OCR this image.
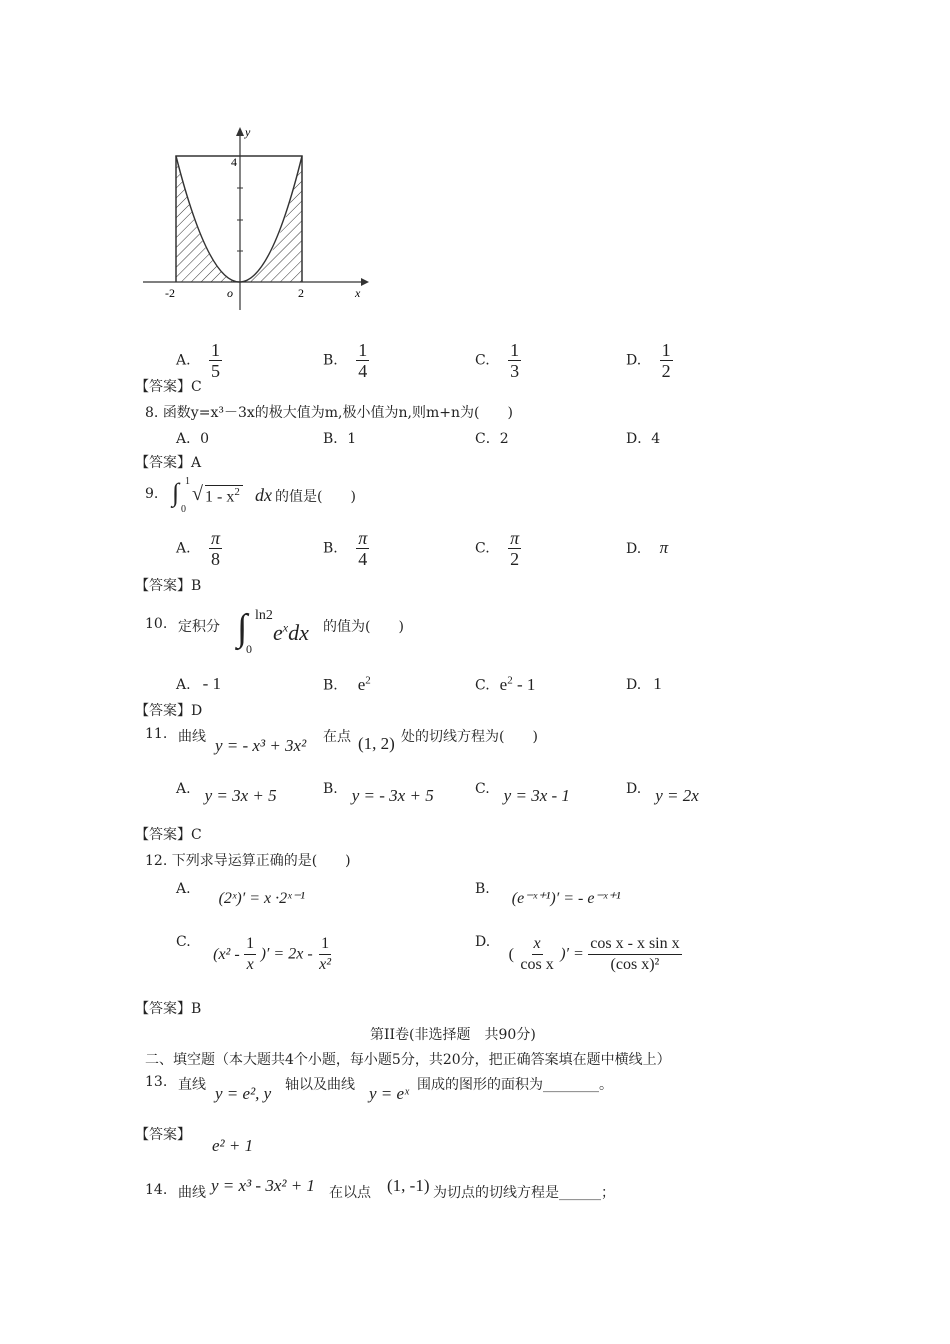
y
x
4
-2	o	2
A. $\frac{1}{5}$	B. $\frac{1}{4}$	C. $\frac{1}{3}$	D. $\frac{1}{2}$
【答案】C
8. 函数y=x³－3x的极大值为m,极小值为n,则m+n为(　　)
A．0	B．1	C．2	D．4
【答案】A
9. ∫ 1
0
√ $1 - x^2$ dx 的值是(　　)
A. $\frac{\pi}{8}$	B. $\frac{\pi}{4}$	C. $\frac{\pi}{2}$	D. π
【答案】B
10. 定积分 ∫ ln2
0
$e^xdx$ 的值为(　　)
A. - 1	B. $e^2$	C. $e^2 - 1$	D. 1
【答案】D
11. 曲线 y = - x³ + 3x² 在点 (1, 2) 处的切线方程为(　　)
A. y = 3x + 5	B. y = - 3x + 5	C. y = 3x - 1	D. y = 2x
【答案】C
12. 下列求导运算正确的是(　　)
A.(2ˣ)′ = x ·2ˣ⁻¹
B.(e⁻ˣ⁺¹)′ = - e⁻ˣ⁺¹
C. ($x^2 - \frac{1}{x}$ )′ = $2x - \frac{1}{\text{x²}}$	D. ( $\frac{x}{\text{cos x}}$ )′ = $\frac{\text{cos x - x sin x}}{\text{(cos x)²}}$
【答案】B
第II卷(非选择题　共90分)
二、填空题（本大题共4个小题，每小题5分，共20分，把正确答案填在题中横线上）
13. 直线 y = e², y 轴以及曲线 y = eˣ 围成的图形的面积为________。
【答案】
e² + 1
14. 曲线 y = x³ - 3x² + 1 在以点 (1, -1) 为切点的切线方程是______；
